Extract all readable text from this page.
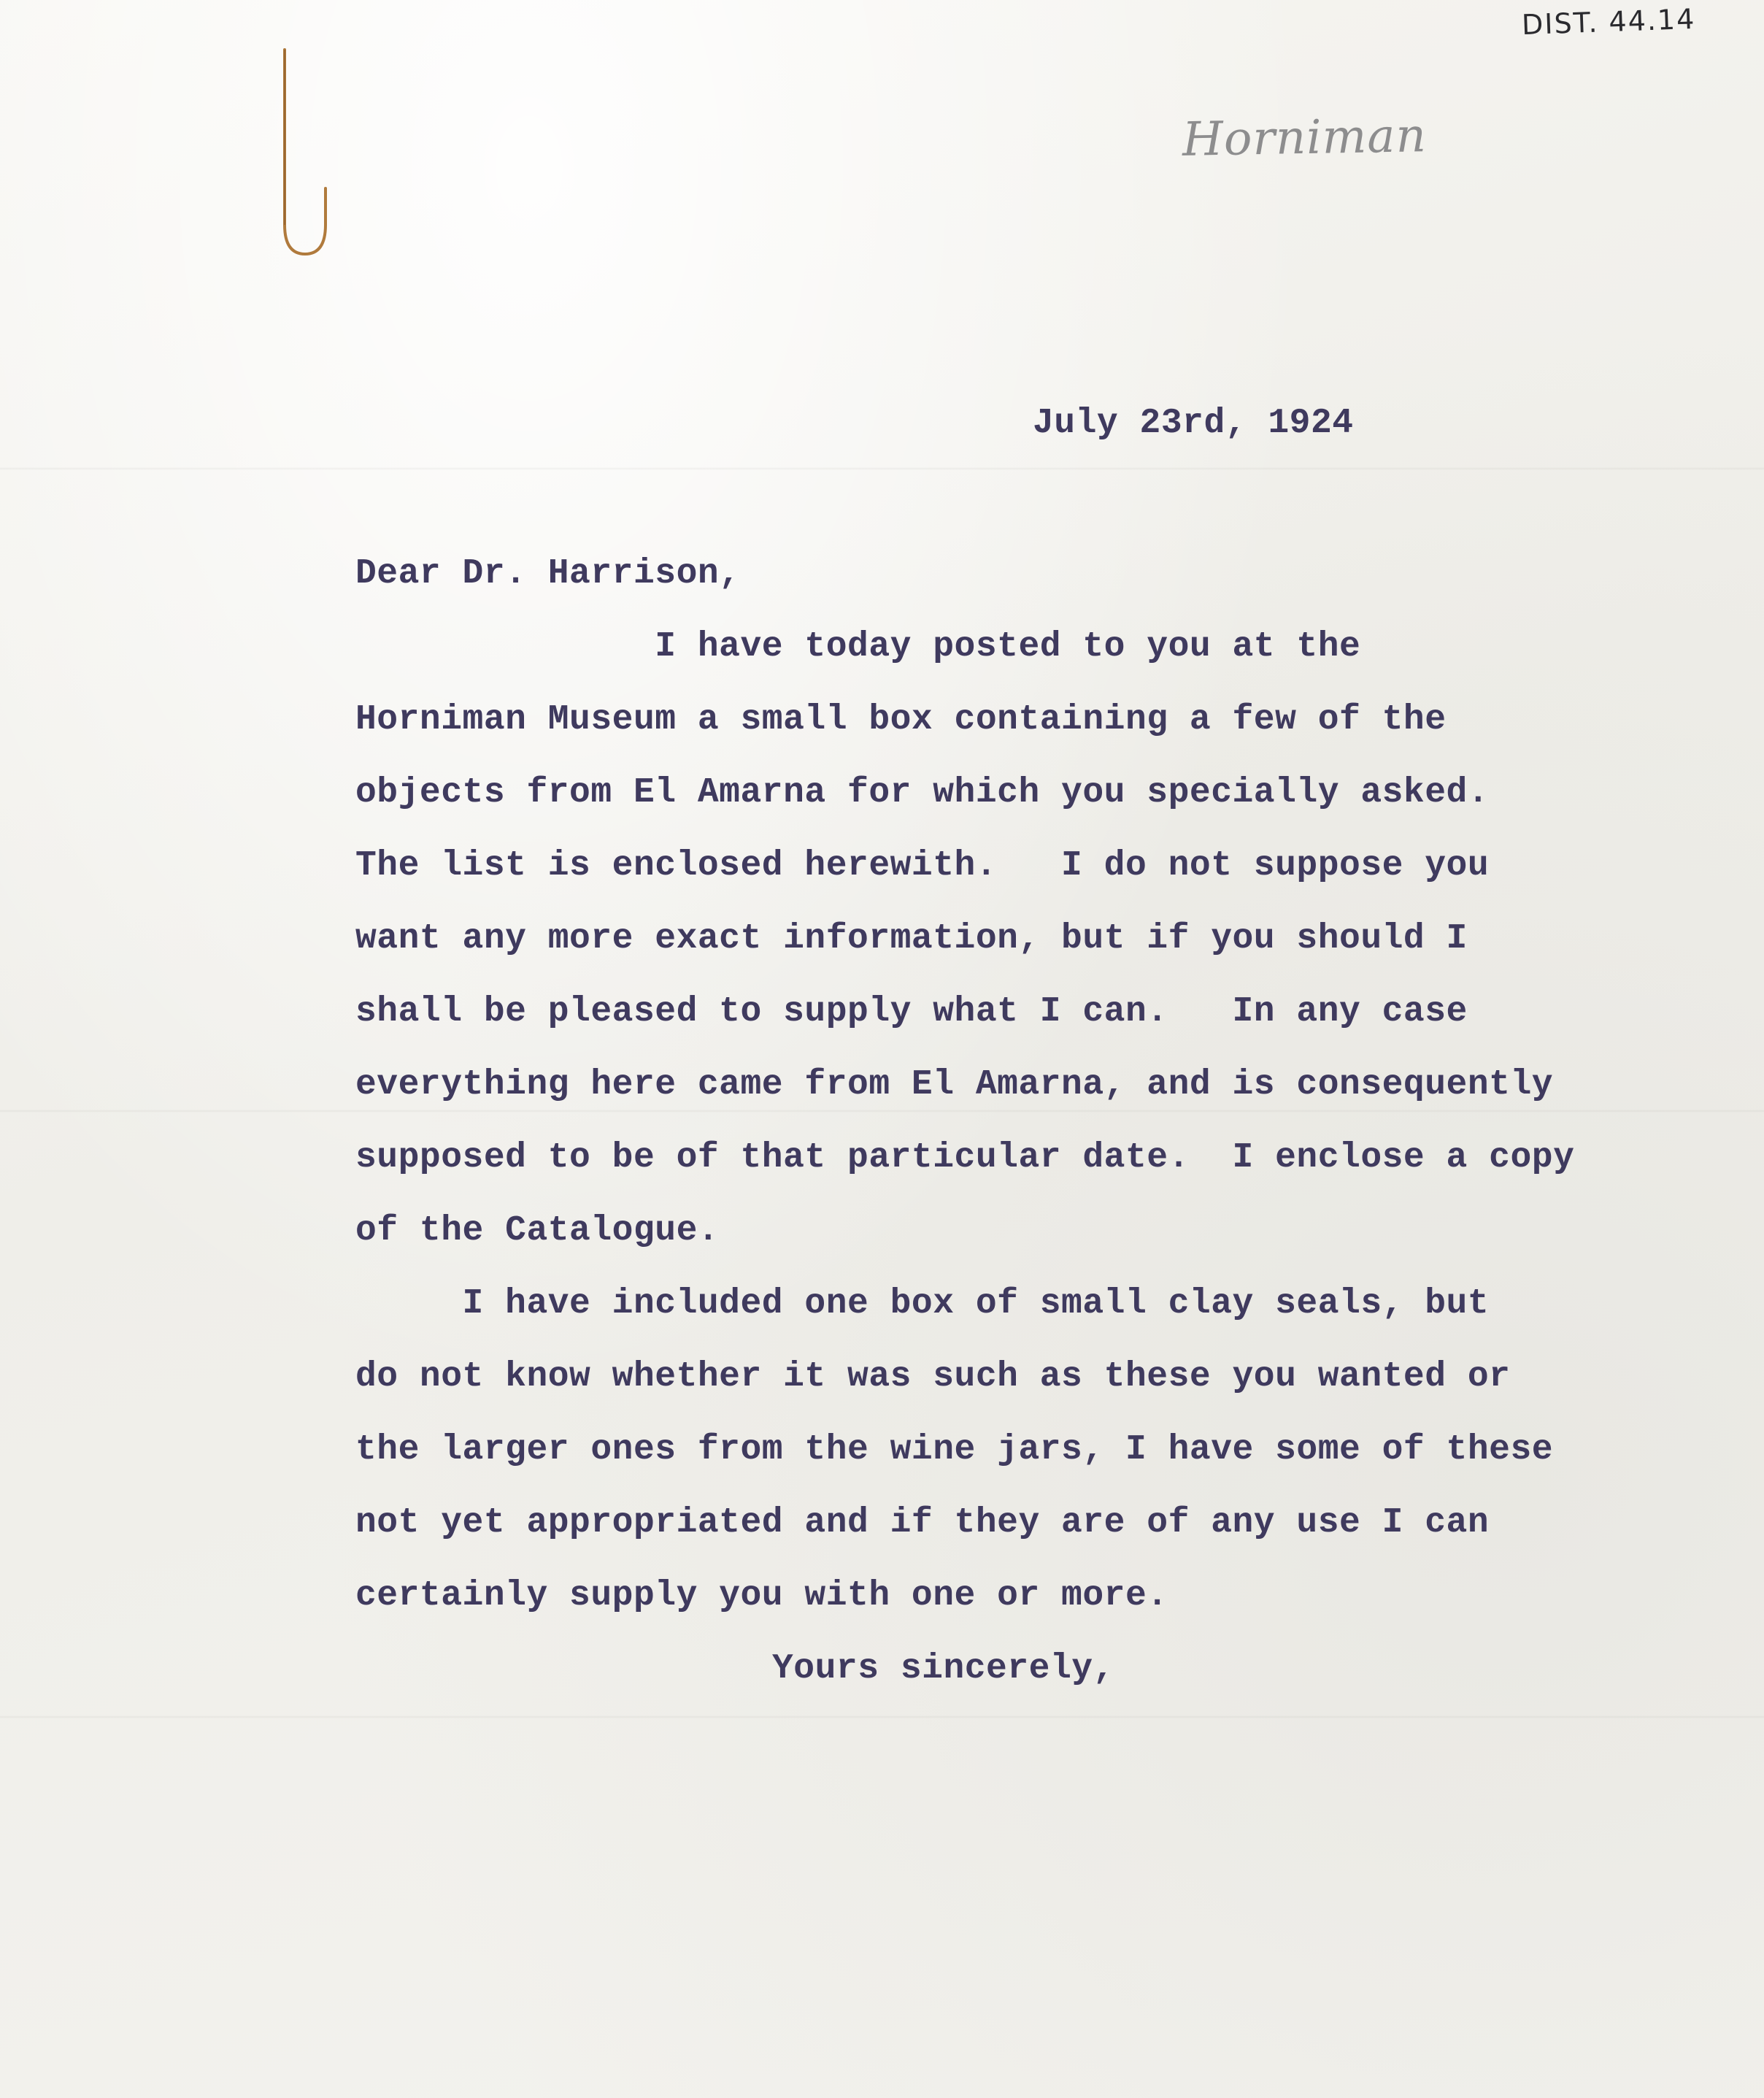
DIST. 44.14
Horniman
July 23rd, 1924
Dear Dr. Harrison,
I have today posted to you at the
Horniman Museum a small box containing a few of the
objects from El Amarna for which you specially asked.
The list is enclosed herewith.   I do not suppose you
want any more exact information, but if you should I
shall be pleased to supply what I can.   In any case
everything here came from El Amarna, and is consequently
supposed to be of that particular date.  I enclose a copy
of the Catalogue.
I have included one box of small clay seals, but
do not know whether it was such as these you wanted or
the larger ones from the wine jars, I have some of these
not yet appropriated and if they are of any use I can
certainly supply you with one or more.
Yours sincerely,
